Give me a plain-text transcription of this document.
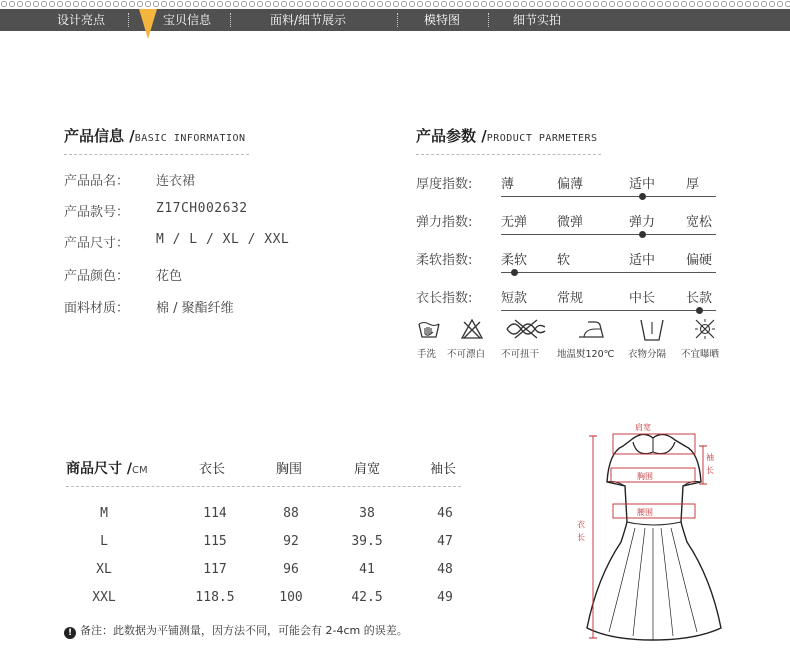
设计亮点	宝贝信息	面料/细节展示	模特图	细节实拍
产品信息 /BASIC INFORMATION
产品品名： 连衣裙
产品款号： Z17CH002632
产品尺寸： M / L / XL / XXL
产品颜色： 花色
面料材质： 棉 / 聚酯纤维
产品参数 /PRODUCT PARMETERS
厚度指数: 薄	偏薄	适中 厚
弹力指数: 无弹 微弹	弹力 宽松
柔软指数: 柔软 软	适中 偏硬
衣长指数: 短款 常规	中长 长款
手洗 不可漂白 不可扭干 地温熨120℃ 衣物分隔 不宜曝晒
商品尺寸 /CM	衣长	胸围	肩宽	袖长
M	114	88	38	46
L	115	92	39.5	47
XL	117	96	41	48
XXL	118.5	100	42.5	49
! 备注：此数据为平铺测量，因方法不同，可能会有 2-4cm 的误差。
肩宽
袖
长
胸围
腰围
衣
长
